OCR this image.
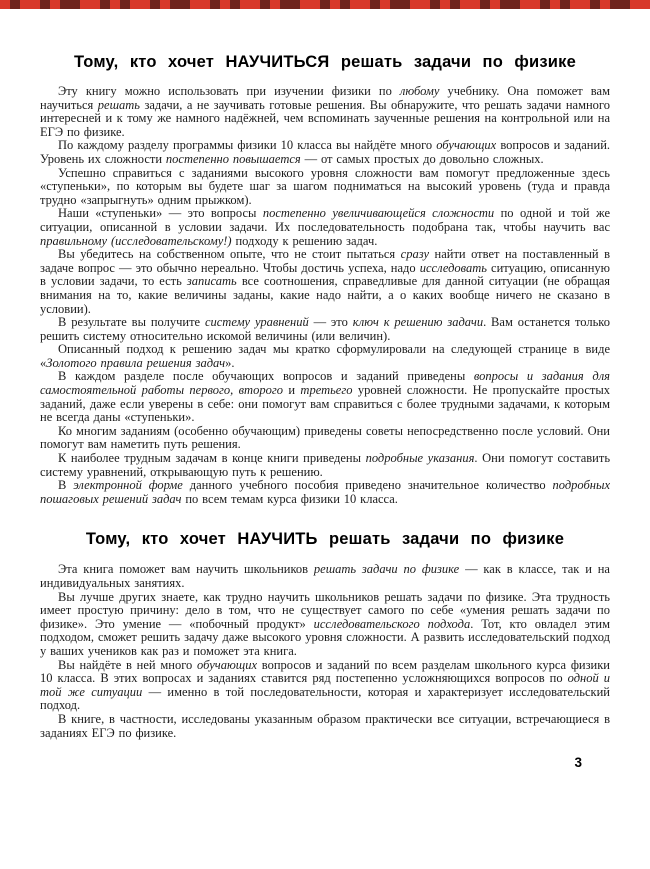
Тому, кто хочет НАУЧИТЬСЯ решать задачи по физике

Эту книгу можно использовать при изучении физики по любому учебнику. Она поможет вам научиться решать задачи, а не заучивать готовые решения. Вы обнаружите, что решать задачи намного интересней и к тому же намного надёжней, чем вспоминать заученные решения на контрольной или на ЕГЭ по физике.

По каждому разделу программы физики 10 класса вы найдёте много обучающих вопросов и заданий. Уровень их сложности постепенно повышается — от самых простых до довольно сложных.

Успешно справиться с заданиями высокого уровня сложности вам помогут предложенные здесь «ступеньки», по которым вы будете шаг за шагом подниматься на высокий уровень (туда и правда трудно «запрыгнуть» одним прыжком).

Наши «ступеньки» — это вопросы постепенно увеличивающейся сложности по одной и той же ситуации, описанной в условии задачи. Их последовательность подобрана так, чтобы научить вас правильному (исследовательскому!) подходу к решению задач.

Вы убедитесь на собственном опыте, что не стоит пытаться сразу найти ответ на поставленный в задаче вопрос — это обычно нереально. Чтобы достичь успеха, надо исследовать ситуацию, описанную в условии задачи, то есть записать все соотношения, справедливые для данной ситуации (не обращая внимания на то, какие величины заданы, какие надо найти, а о каких вообще ничего не сказано в условии).

В результате вы получите систему уравнений — это ключ к решению задачи. Вам останется только решить систему относительно искомой величины (или величин).

Описанный подход к решению задач мы кратко сформулировали на следующей странице в виде «Золотого правила решения задач».

В каждом разделе после обучающих вопросов и заданий приведены вопросы и задания для самостоятельной работы первого, второго и третьего уровней сложности. Не пропускайте простых заданий, даже если уверены в себе: они помогут вам справиться с более трудными задачами, к которым не всегда даны «ступеньки».

Ко многим заданиям (особенно обучающим) приведены советы непосредственно после условий. Они помогут вам наметить путь решения.

К наиболее трудным задачам в конце книги приведены подробные указания. Они помогут составить систему уравнений, открывающую путь к решению.

В электронной форме данного учебного пособия приведено значительное количество подробных пошаговых решений задач по всем темам курса физики 10 класса.

Тому, кто хочет НАУЧИТЬ решать задачи по физике

Эта книга поможет вам научить школьников решать задачи по физике — как в классе, так и на индивидуальных занятиях.

Вы лучше других знаете, как трудно научить школьников решать задачи по физике. Эта трудность имеет простую причину: дело в том, что не существует самого по себе «умения решать задачи по физике». Это умение — «побочный продукт» исследовательского подхода. Тот, кто овладел этим подходом, сможет решить задачу даже высокого уровня сложности. А развить исследовательский подход у ваших учеников как раз и поможет эта книга.

Вы найдёте в ней много обучающих вопросов и заданий по всем разделам школьного курса физики 10 класса. В этих вопросах и заданиях ставится ряд постепенно усложняющихся вопросов по одной и той же ситуации — именно в той последовательности, которая и характеризует исследовательский подход.

В книге, в частности, исследованы указанным образом практически все ситуации, встречающиеся в заданиях ЕГЭ по физике.

3
